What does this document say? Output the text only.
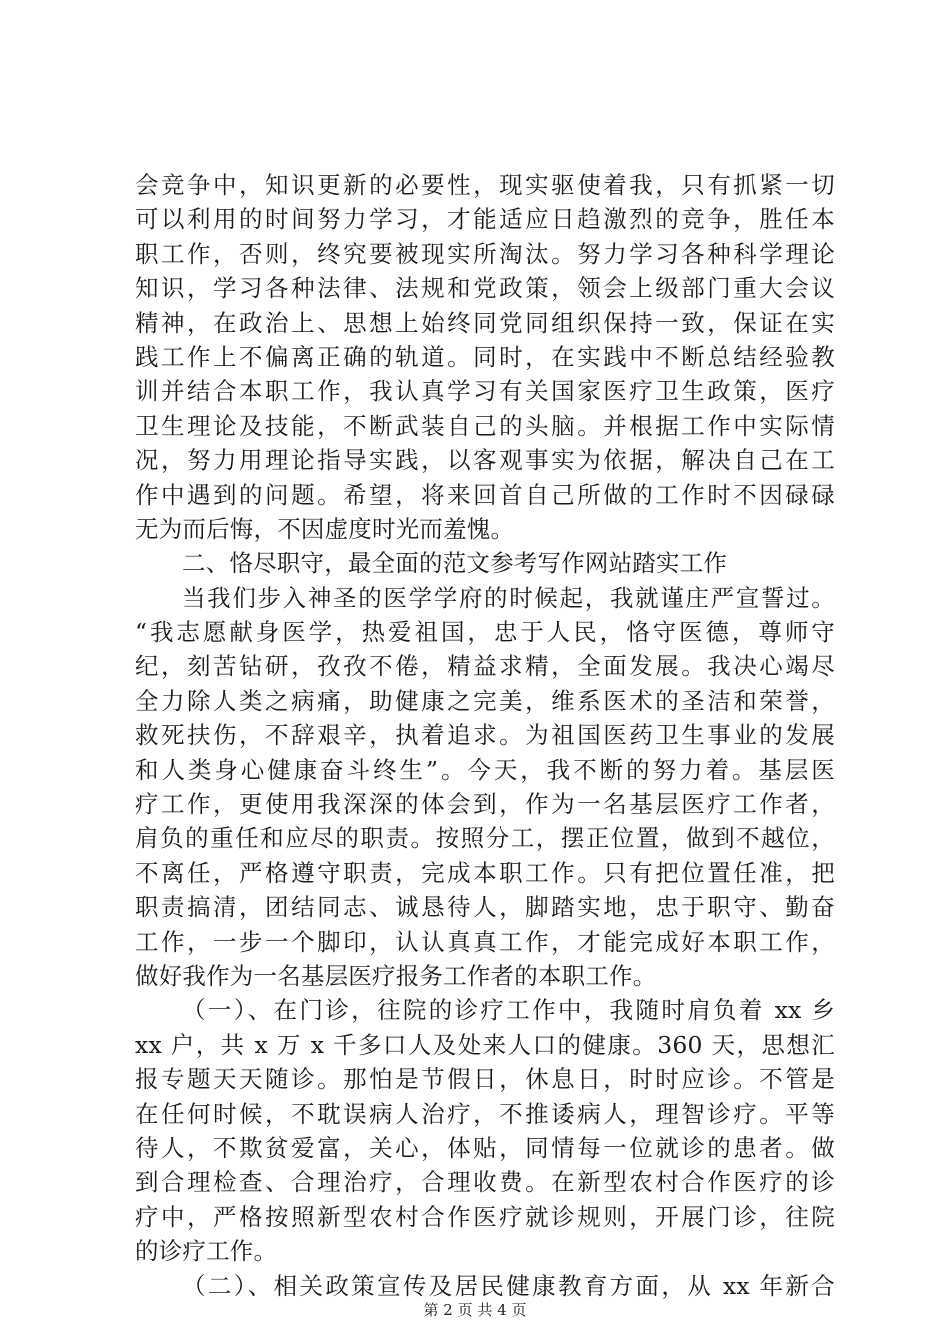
会竞争中，知识更新的必要性，现实驱使着我，只有抓紧一切
可以利用的时间努力学习，才能适应日趋激烈的竞争，胜任本
职工作，否则，终究要被现实所淘汰。努力学习各种科学理论
知识，学习各种法律、法规和党政策，领会上级部门重大会议
精神，在政治上、思想上始终同党同组织保持一致，保证在实
践工作上不偏离正确的轨道。同时，在实践中不断总结经验教
训并结合本职工作，我认真学习有关国家医疗卫生政策，医疗
卫生理论及技能，不断武装自己的头脑。并根据工作中实际情
况，努力用理论指导实践，以客观事实为依据，解决自己在工
作中遇到的问题。希望，将来回首自己所做的工作时不因碌碌
无为而后悔，不因虚度时光而羞愧。
二、恪尽职守，最全面的范文参考写作网站踏实工作
当我们步入神圣的医学学府的时候起，我就谨庄严宣誓过。
“我志愿献身医学，热爱祖国，忠于人民，恪守医德，尊师守
纪，刻苦钻研，孜孜不倦，精益求精，全面发展。我决心竭尽
全力除人类之病痛，助健康之完美，维系医术的圣洁和荣誉，
救死扶伤，不辞艰辛，执着追求。为祖国医药卫生事业的发展
和人类身心健康奋斗终生”。今天，我不断的努力着。基层医
疗工作，更使用我深深的体会到，作为一名基层医疗工作者，
肩负的重任和应尽的职责。按照分工，摆正位置，做到不越位，
不离任，严格遵守职责，完成本职工作。只有把位置任准，把
职责搞清，团结同志、诚恳待人，脚踏实地，忠于职守、勤奋
工作，一步一个脚印，认认真真工作，才能完成好本职工作，
做好我作为一名基层医疗报务工作者的本职工作。
（一）、在门诊，往院的诊疗工作中，我随时肩负着 xx 乡
xx 户，共 x 万 x 千多口人及处来人口的健康。360 天，思想汇
报专题天天随诊。那怕是节假日，休息日，时时应诊。不管是
在任何时候，不耽误病人治疗，不推诿病人，理智诊疗。平等
待人，不欺贫爱富，关心，体贴，同情每一位就诊的患者。做
到合理检查、合理治疗，合理收费。在新型农村合作医疗的诊
疗中，严格按照新型农村合作医疗就诊规则，开展门诊，往院
的诊疗工作。
（二）、相关政策宣传及居民健康教育方面，从 xx 年新合
第 2 页 共 4 页
